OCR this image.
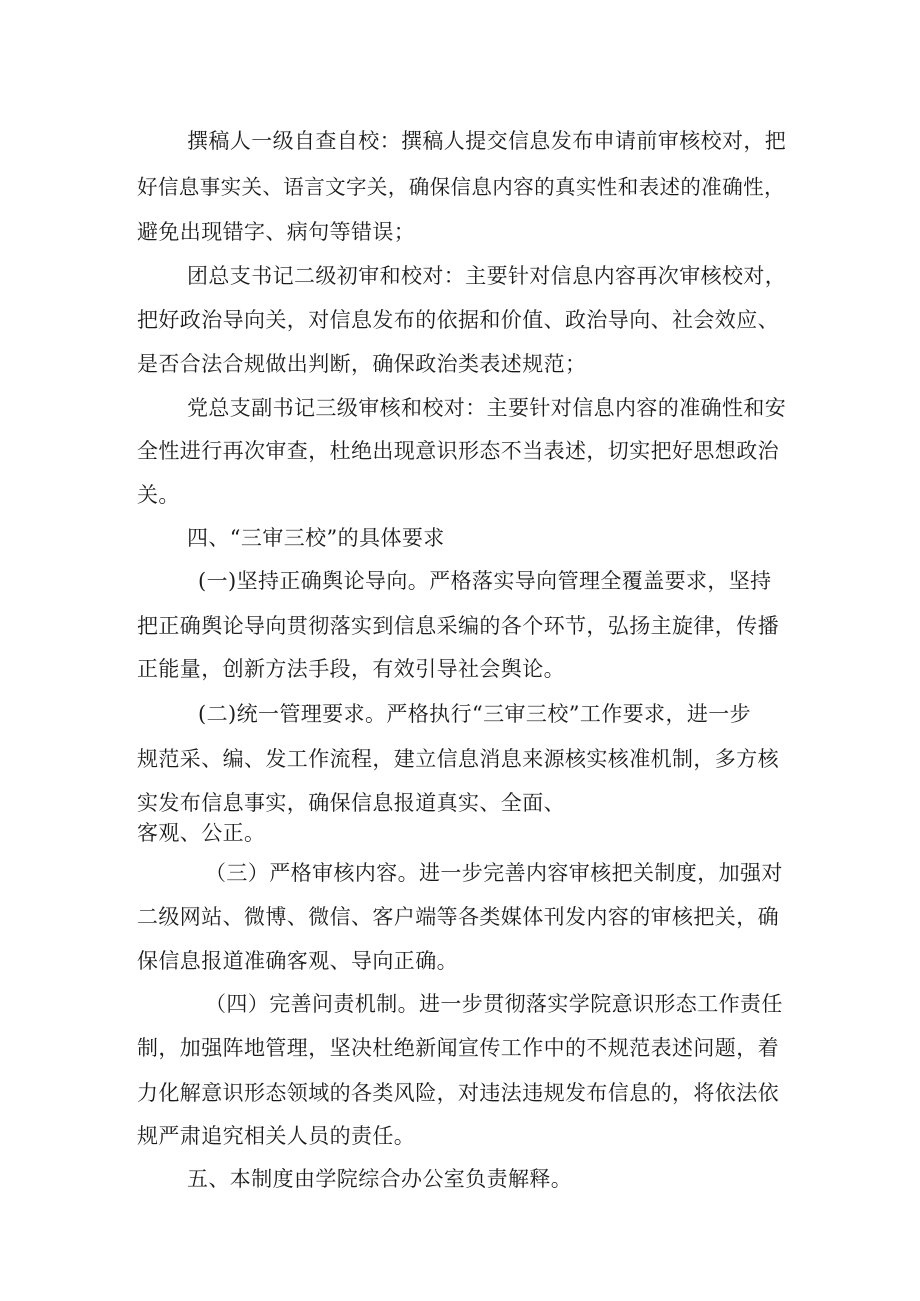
撰稿人一级自查自校：撰稿人提交信息发布申请前审核校对，把
好信息事实关、语言文字关，确保信息内容的真实性和表述的准确性，
避免出现错字、病句等错误；
团总支书记二级初审和校对：主要针对信息内容再次审核校对，
把好政治导向关，对信息发布的依据和价值、政治导向、社会效应、
是否合法合规做出判断，确保政治类表述规范；
党总支副书记三级审核和校对：主要针对信息内容的准确性和安
全性进行再次审查，杜绝出现意识形态不当表述，切实把好思想政治
关。
四、“三审三校”的具体要求
(一)坚持正确舆论导向。严格落实导向管理全覆盖要求，坚持
把正确舆论导向贯彻落实到信息采编的各个环节，弘扬主旋律，传播
正能量，创新方法手段，有效引导社会舆论。
(二)统一管理要求。严格执行“三审三校”工作要求，进一步
规范采、编、发工作流程，建立信息消息来源核实核准机制，多方核
实发布信息事实，确保信息报道真实、全面、
客观、公正。
（三）严格审核内容。进一步完善内容审核把关制度，加强对
二级网站、微博、微信、客户端等各类媒体刊发内容的审核把关，确
保信息报道准确客观、导向正确。
（四）完善问责机制。进一步贯彻落实学院意识形态工作责任
制，加强阵地管理，坚决杜绝新闻宣传工作中的不规范表述问题，着
力化解意识形态领域的各类风险，对违法违规发布信息的，将依法依
规严肃追究相关人员的责任。
五、本制度由学院综合办公室负责解释。
